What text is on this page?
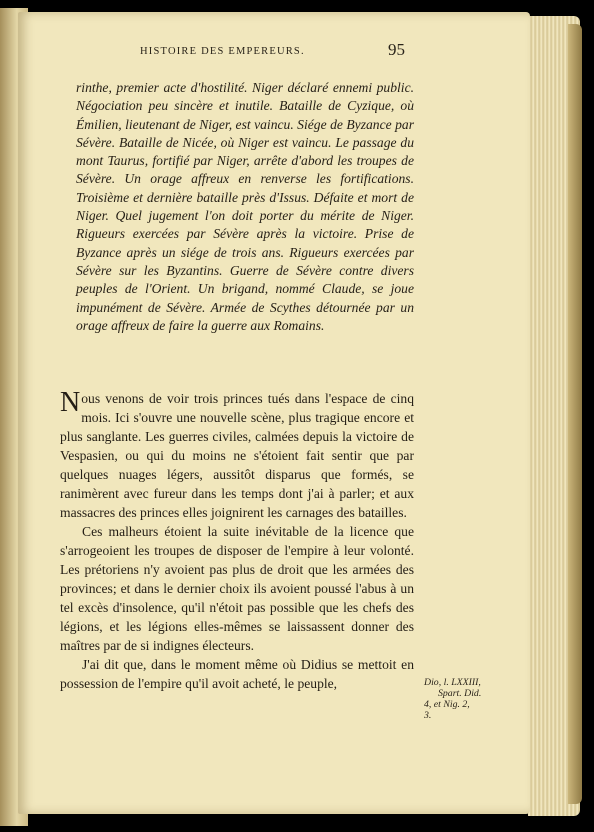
HISTOIRE DES EMPEREURS.	95
rinthe, premier acte d'hostilité. Niger déclaré ennemi public. Négociation peu sincère et inutile. Bataille de Cyzique, où Émilien, lieutenant de Niger, est vaincu. Siége de Byzance par Sévère. Bataille de Nicée, où Niger est vaincu. Le passage du mont Taurus, fortifié par Niger, arrête d'abord les troupes de Sévère. Un orage affreux en renverse les fortifications. Troisième et dernière bataille près d'Issus. Défaite et mort de Niger. Quel jugement l'on doit porter du mérite de Niger. Rigueurs exercées par Sévère après la victoire. Prise de Byzance après un siége de trois ans. Rigueurs exercées par Sévère sur les Byzantins. Guerre de Sévère contre divers peuples de l'Orient. Un brigand, nommé Claude, se joue impunément de Sévère. Armée de Scythes détournée par un orage affreux de faire la guerre aux Romains.

Nous venons de voir trois princes tués dans l'espace de cinq mois. Ici s'ouvre une nouvelle scène, plus tragique encore et plus sanglante. Les guerres civiles, calmées depuis la victoire de Vespasien, ou qui du moins ne s'étoient fait sentir que par quelques nuages légers, aussitôt disparus que formés, se ranimèrent avec fureur dans les temps dont j'ai à parler; et aux massacres des princes elles joignirent les carnages des batailles.

Ces malheurs étoient la suite inévitable de la licence que s'arrogeoient les troupes de disposer de l'empire à leur volonté. Les prétoriens n'y avoient pas plus de droit que les armées des provinces; et dans le dernier choix ils avoient poussé l'abus à un tel excès d'insolence, qu'il n'étoit pas possible que les chefs des légions, et les légions elles-mêmes se laissassent donner des maîtres par de si indignes électeurs.

J'ai dit que, dans le moment même où Didius se mettoit en possession de l'empire qu'il avoit acheté, le peuple,	Dio, l. LXXIII,
Spart. Did.
4, et Nig. 2,
3.
